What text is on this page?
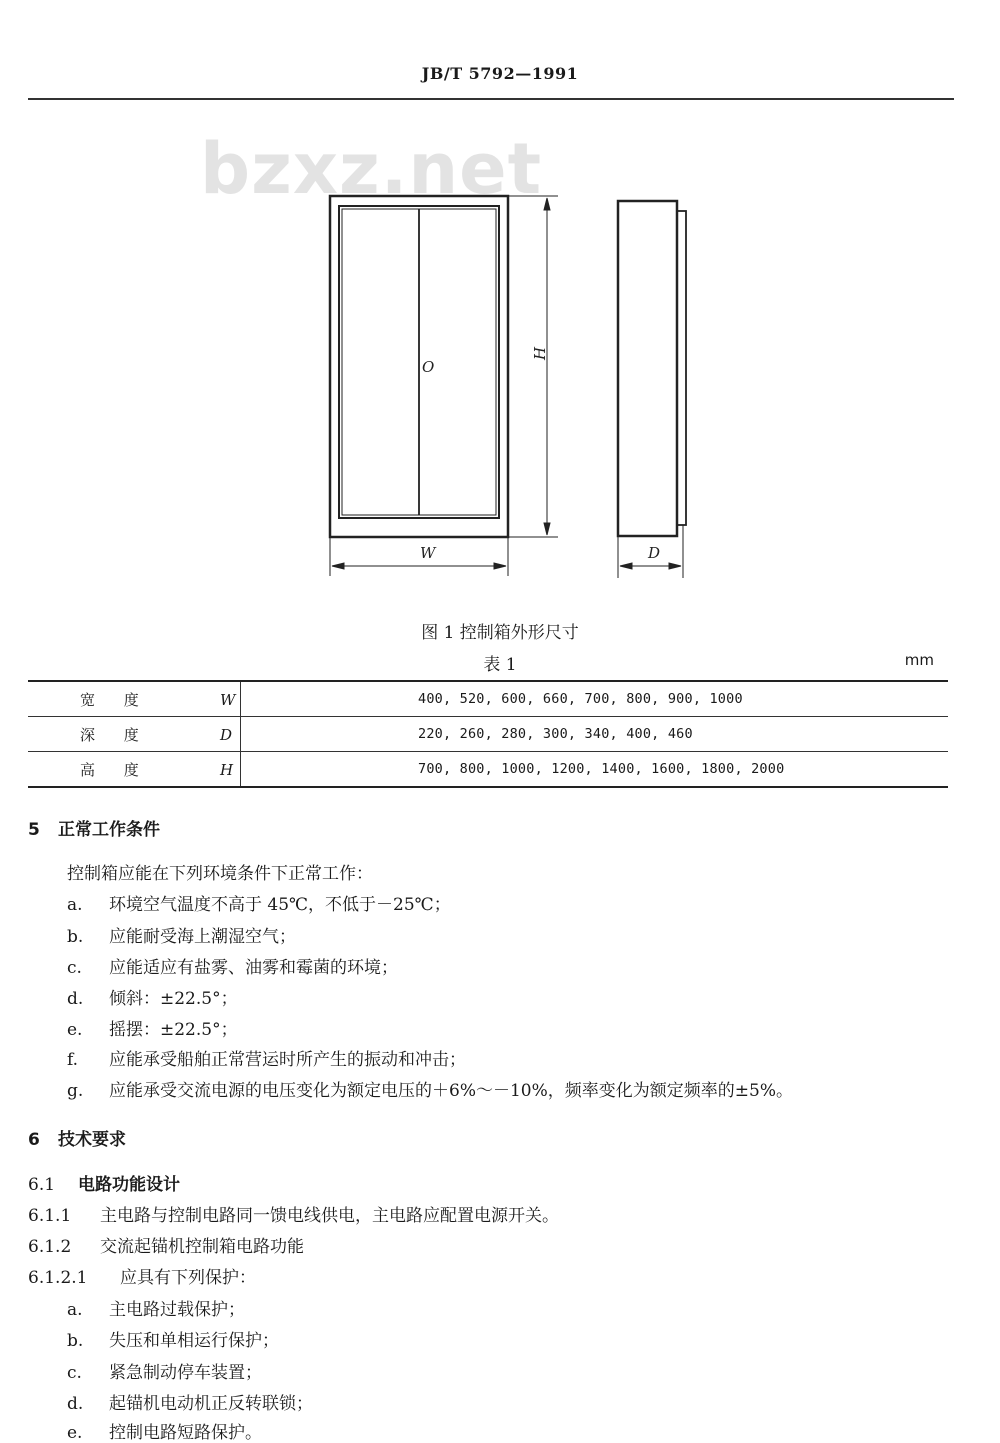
JB/T 5792—1991
bzxz.net
O
H
W	D
图 1 控制箱外形尺寸
表 1	mm
宽 度 W	400, 520, 600, 660, 700, 800, 900, 1000
深 度 D	220, 260, 280, 300, 340, 400, 460
高 度 H	700, 800, 1000, 1200, 1400, 1600, 1800, 2000
5 正常工作条件
控制箱应能在下列环境条件下正常工作：
a. 环境空气温度不高于 45℃，不低于－25℃；
b. 应能耐受海上潮湿空气；
c. 应能适应有盐雾、油雾和霉菌的环境；
d. 倾斜：±22.5°；
e. 摇摆：±22.5°；
f. 应能承受船舶正常营运时所产生的振动和冲击；
g. 应能承受交流电源的电压变化为额定电压的＋6%～－10%，频率变化为额定频率的±5%。
6 技术要求
6.1 电路功能设计
6.1.1 主电路与控制电路同一馈电线供电，主电路应配置电源开关。
6.1.2 交流起锚机控制箱电路功能
6.1.2.1 应具有下列保护：
a. 主电路过载保护；
b. 失压和单相运行保护；
c. 紧急制动停车装置；
d. 起锚机电动机正反转联锁；
e. 控制电路短路保护。
